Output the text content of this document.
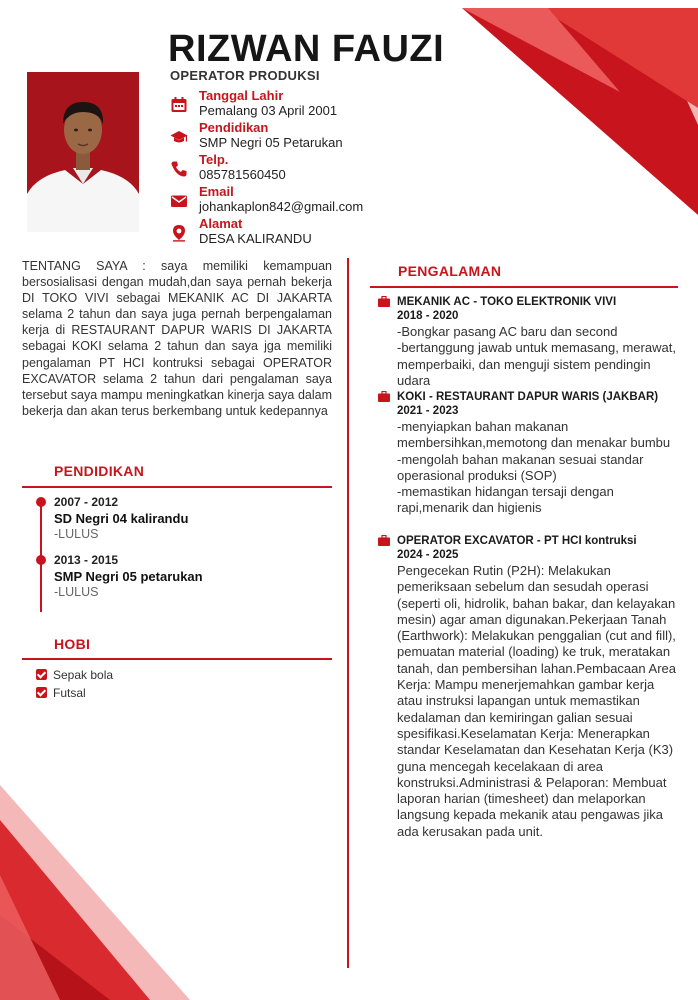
RIZWAN FAUZI
OPERATOR PRODUKSI
Tanggal Lahir
Pemalang 03 April 2001
Pendidikan
SMP Negri 05 Petarukan
Telp.
085781560450
Email
johankaplon842@gmail.com
Alamat
DESA KALIRANDU
TENTANG SAYA : saya memiliki kemampuan bersosialisasi dengan mudah,dan saya pernah bekerja DI TOKO VIVI sebagai MEKANIK AC DI JAKARTA selama 2 tahun dan saya juga pernah berpengalaman kerja di RESTAURANT DAPUR WARIS DI JAKARTA sebagai KOKI selama 2 tahun dan saya jga memiliki pengalaman PT HCI kontruksi sebagai OPERATOR EXCAVATOR selama 2 tahun dari pengalaman saya tersebut saya mampu meningkatkan kinerja saya dalam bekerja dan akan terus berkembang untuk kedepannya
PENDIDIKAN
2007 - 2012
SD Negri 04 kalirandu
-LULUS
2013 - 2015
SMP Negri 05 petarukan
-LULUS
HOBI
Sepak bola
Futsal
PENGALAMAN
MEKANIK AC - TOKO ELEKTRONIK VIVI
2018 - 2020
-Bongkar pasang AC baru dan second
-bertanggung jawab untuk memasang, merawat, memperbaiki, dan menguji sistem pendingin udara
KOKI - RESTAURANT DAPUR WARIS (JAKBAR)
2021 - 2023
-menyiapkan bahan makanan membersihkan,memotong dan menakar bumbu
-mengolah bahan makanan sesuai standar operasional produksi (SOP)
-memastikan hidangan tersaji dengan rapi,menarik dan higienis
OPERATOR EXCAVATOR - PT HCI kontruksi
2024 - 2025
Pengecekan Rutin (P2H): Melakukan pemeriksaan sebelum dan sesudah operasi (seperti oli, hidrolik, bahan bakar, dan kelayakan mesin) agar aman digunakan.Pekerjaan Tanah (Earthwork): Melakukan penggalian (cut and fill), pemuatan material (loading) ke truk, meratakan tanah, dan pembersihan lahan.Pembacaan Area Kerja: Mampu menerjemahkan gambar kerja atau instruksi lapangan untuk memastikan kedalaman dan kemiringan galian sesuai spesifikasi.Keselamatan Kerja: Menerapkan standar Keselamatan dan Kesehatan Kerja (K3) guna mencegah kecelakaan di area konstruksi.Administrasi & Pelaporan: Membuat laporan harian (timesheet) dan melaporkan langsung kepada mekanik atau pengawas jika ada kerusakan pada unit.
